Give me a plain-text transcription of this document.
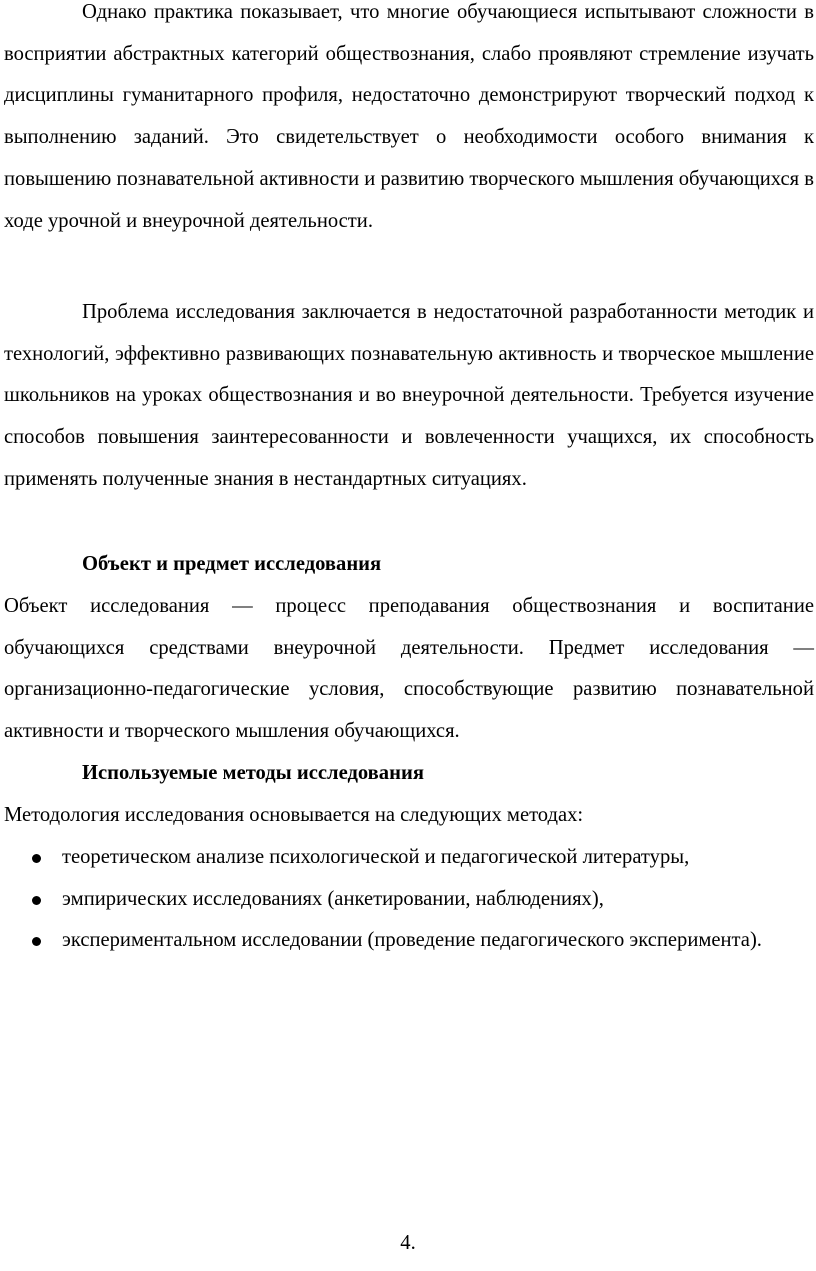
Однако практика показывает, что многие обучающиеся испытывают сложности в восприятии абстрактных категорий обществознания, слабо проявляют стремление изучать дисциплины гуманитарного профиля, недостаточно демонстрируют творческий подход к выполнению заданий. Это свидетельствует о необходимости особого внимания к повышению познавательной активности и развитию творческого мышления обучающихся в ходе урочной и внеурочной деятельности.

Проблема исследования заключается в недостаточной разработанности методик и технологий, эффективно развивающих познавательную активность и творческое мышление школьников на уроках обществознания и во внеурочной деятельности. Требуется изучение способов повышения заинтересованности и вовлеченности учащихся, их способность применять полученные знания в нестандартных ситуациях.

Объект и предмет исследования

Объект исследования — процесс преподавания обществознания и воспитание обучающихся средствами внеурочной деятельности. Предмет исследования — организационно-педагогические условия, способствующие развитию познавательной активности и творческого мышления обучающихся.

Используемые методы исследования

Методология исследования основывается на следующих методах:

теоретическом анализе психологической и педагогической литературы,
эмпирических исследованиях (анкетировании, наблюдениях),
экспериментальном исследовании (проведение педагогического эксперимента).

4.
